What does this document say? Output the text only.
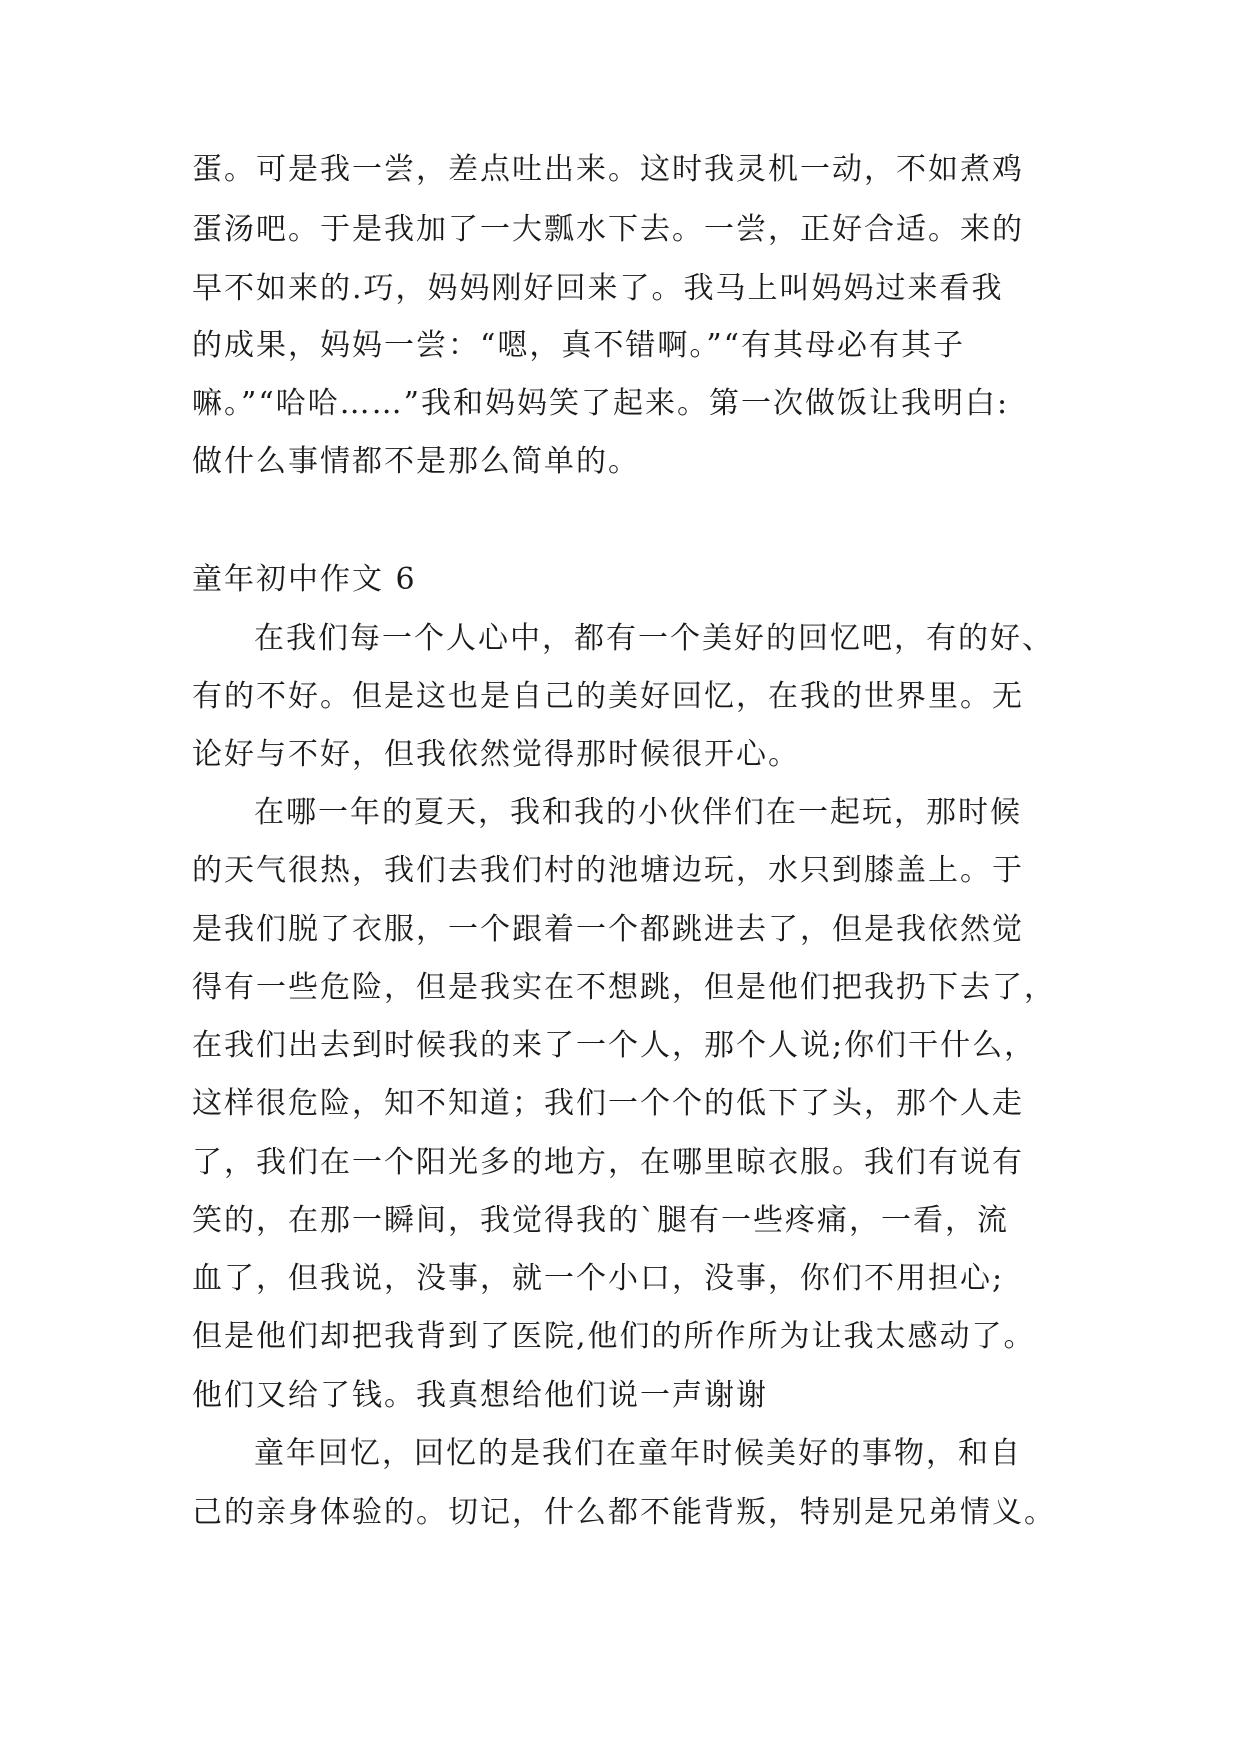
蛋。可是我一尝，差点吐出来。这时我灵机一动，不如煮鸡
蛋汤吧。于是我加了一大瓢水下去。一尝，正好合适。来的
早不如来的.巧，妈妈刚好回来了。我马上叫妈妈过来看我
的成果，妈妈一尝：“嗯，真不错啊。”“有其母必有其子
嘛。”“哈哈……”我和妈妈笑了起来。第一次做饭让我明白:
做什么事情都不是那么简单的。
童年初中作文 6
在我们每一个人心中，都有一个美好的回忆吧，有的好、
有的不好。但是这也是自己的美好回忆，在我的世界里。无
论好与不好，但我依然觉得那时候很开心。
在哪一年的夏天，我和我的小伙伴们在一起玩，那时候
的天气很热，我们去我们村的池塘边玩，水只到膝盖上。于
是我们脱了衣服，一个跟着一个都跳进去了，但是我依然觉
得有一些危险，但是我实在不想跳，但是他们把我扔下去了，
在我们出去到时候我的来了一个人，那个人说;你们干什么，
这样很危险，知不知道；我们一个个的低下了头，那个人走
了，我们在一个阳光多的地方，在哪里晾衣服。我们有说有
笑的，在那一瞬间，我觉得我的`腿有一些疼痛，一看，流
血了，但我说，没事，就一个小口，没事，你们不用担心;
但是他们却把我背到了医院,他们的所作所为让我太感动了。
他们又给了钱。我真想给他们说一声谢谢
童年回忆，回忆的是我们在童年时候美好的事物，和自
己的亲身体验的。切记，什么都不能背叛，特别是兄弟情义。
